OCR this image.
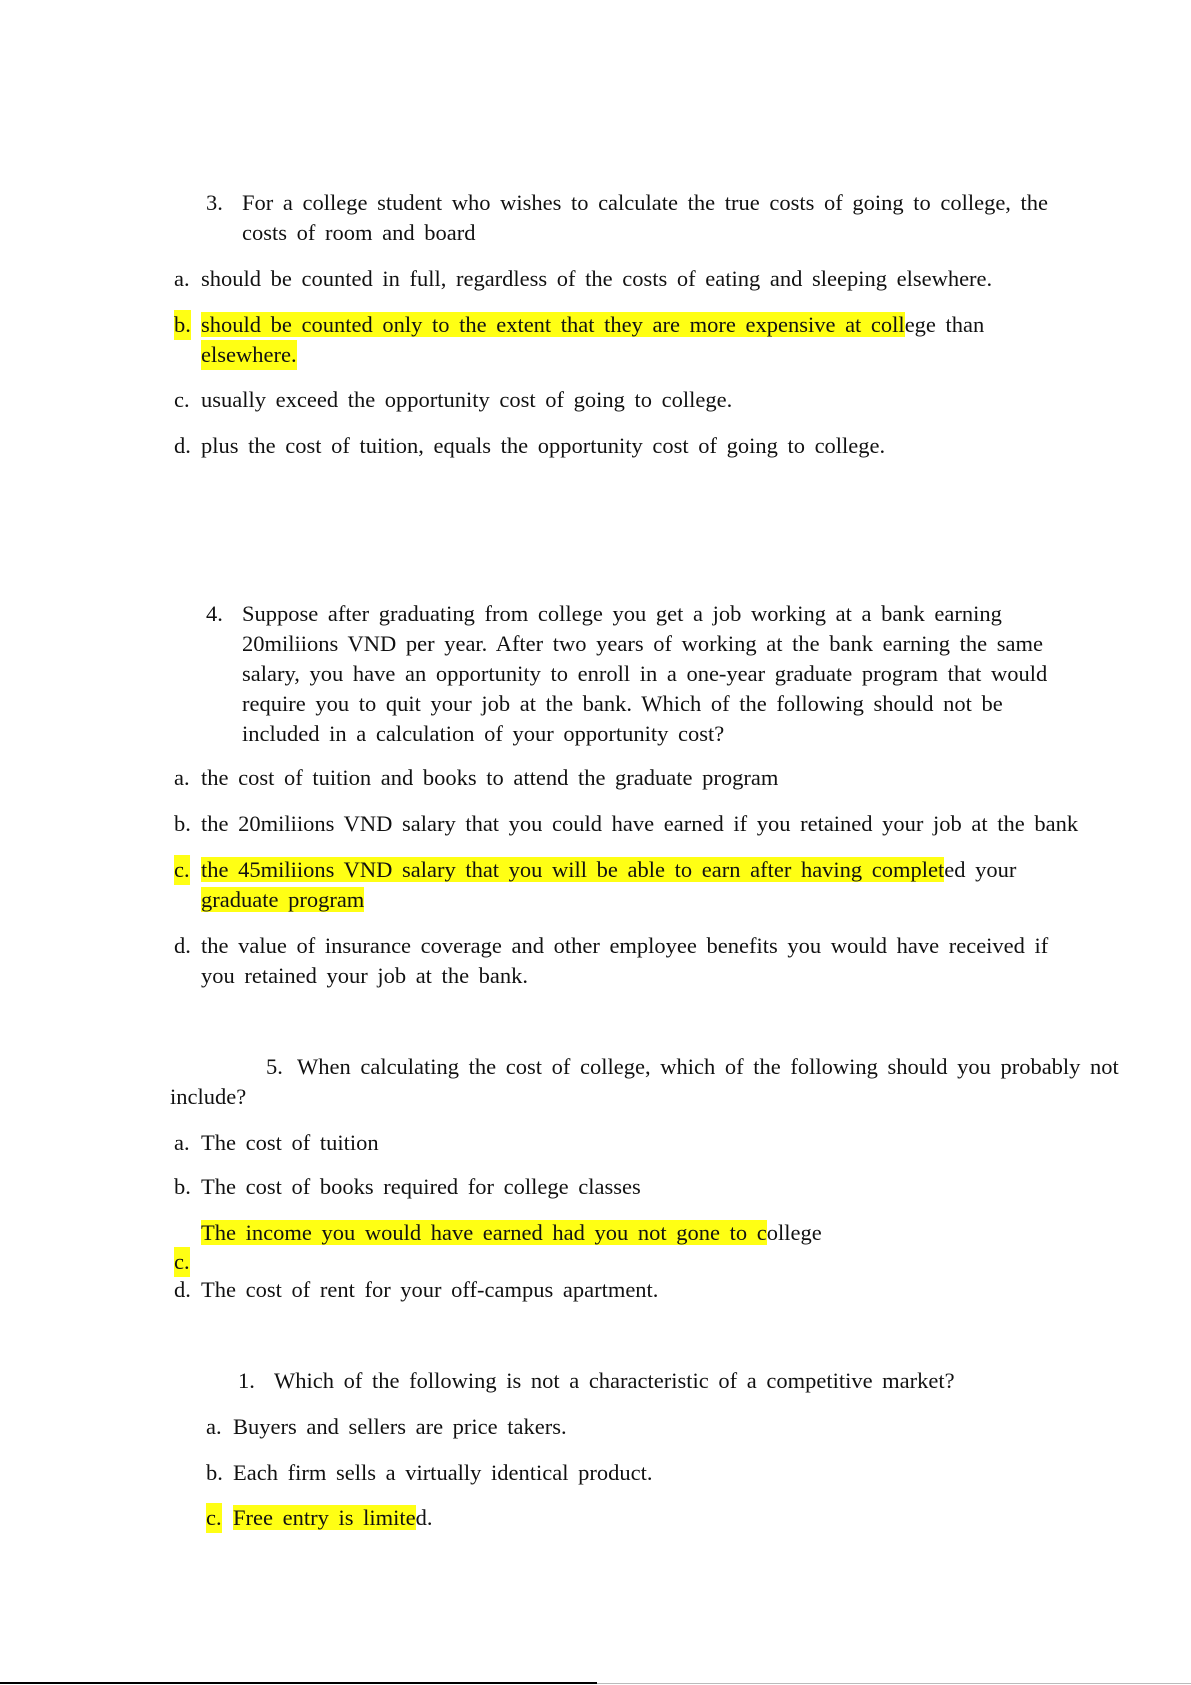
3. For a college student who wishes to calculate the true costs of going to college, the
costs of room and board
a. should be counted in full, regardless of the costs of eating and sleeping elsewhere.
b. should be counted only to the extent that they are more expensive at college than
elsewhere.
c. usually exceed the opportunity cost of going to college.
d. plus the cost of tuition, equals the opportunity cost of going to college.
4. Suppose after graduating from college you get a job working at a bank earning
20miliions VND per year. After two years of working at the bank earning the same
salary, you have an opportunity to enroll in a one-year graduate program that would
require you to quit your job at the bank. Which of the following should not be
included in a calculation of your opportunity cost?
a. the cost of tuition and books to attend the graduate program
b. the 20miliions VND salary that you could have earned if you retained your job at the bank
c. the 45miliions VND salary that you will be able to earn after having completed your
graduate program
d. the value of insurance coverage and other employee benefits you would have received if
you retained your job at the bank.
5. When calculating the cost of college, which of the following should you probably not
include?
a. The cost of tuition
b. The cost of books required for college classes
The income you would have earned had you not gone to college
c.
d. The cost of rent for your off-campus apartment.
1. Which of the following is not a characteristic of a competitive market?
a. Buyers and sellers are price takers.
b. Each firm sells a virtually identical product.
c. Free entry is limited.
